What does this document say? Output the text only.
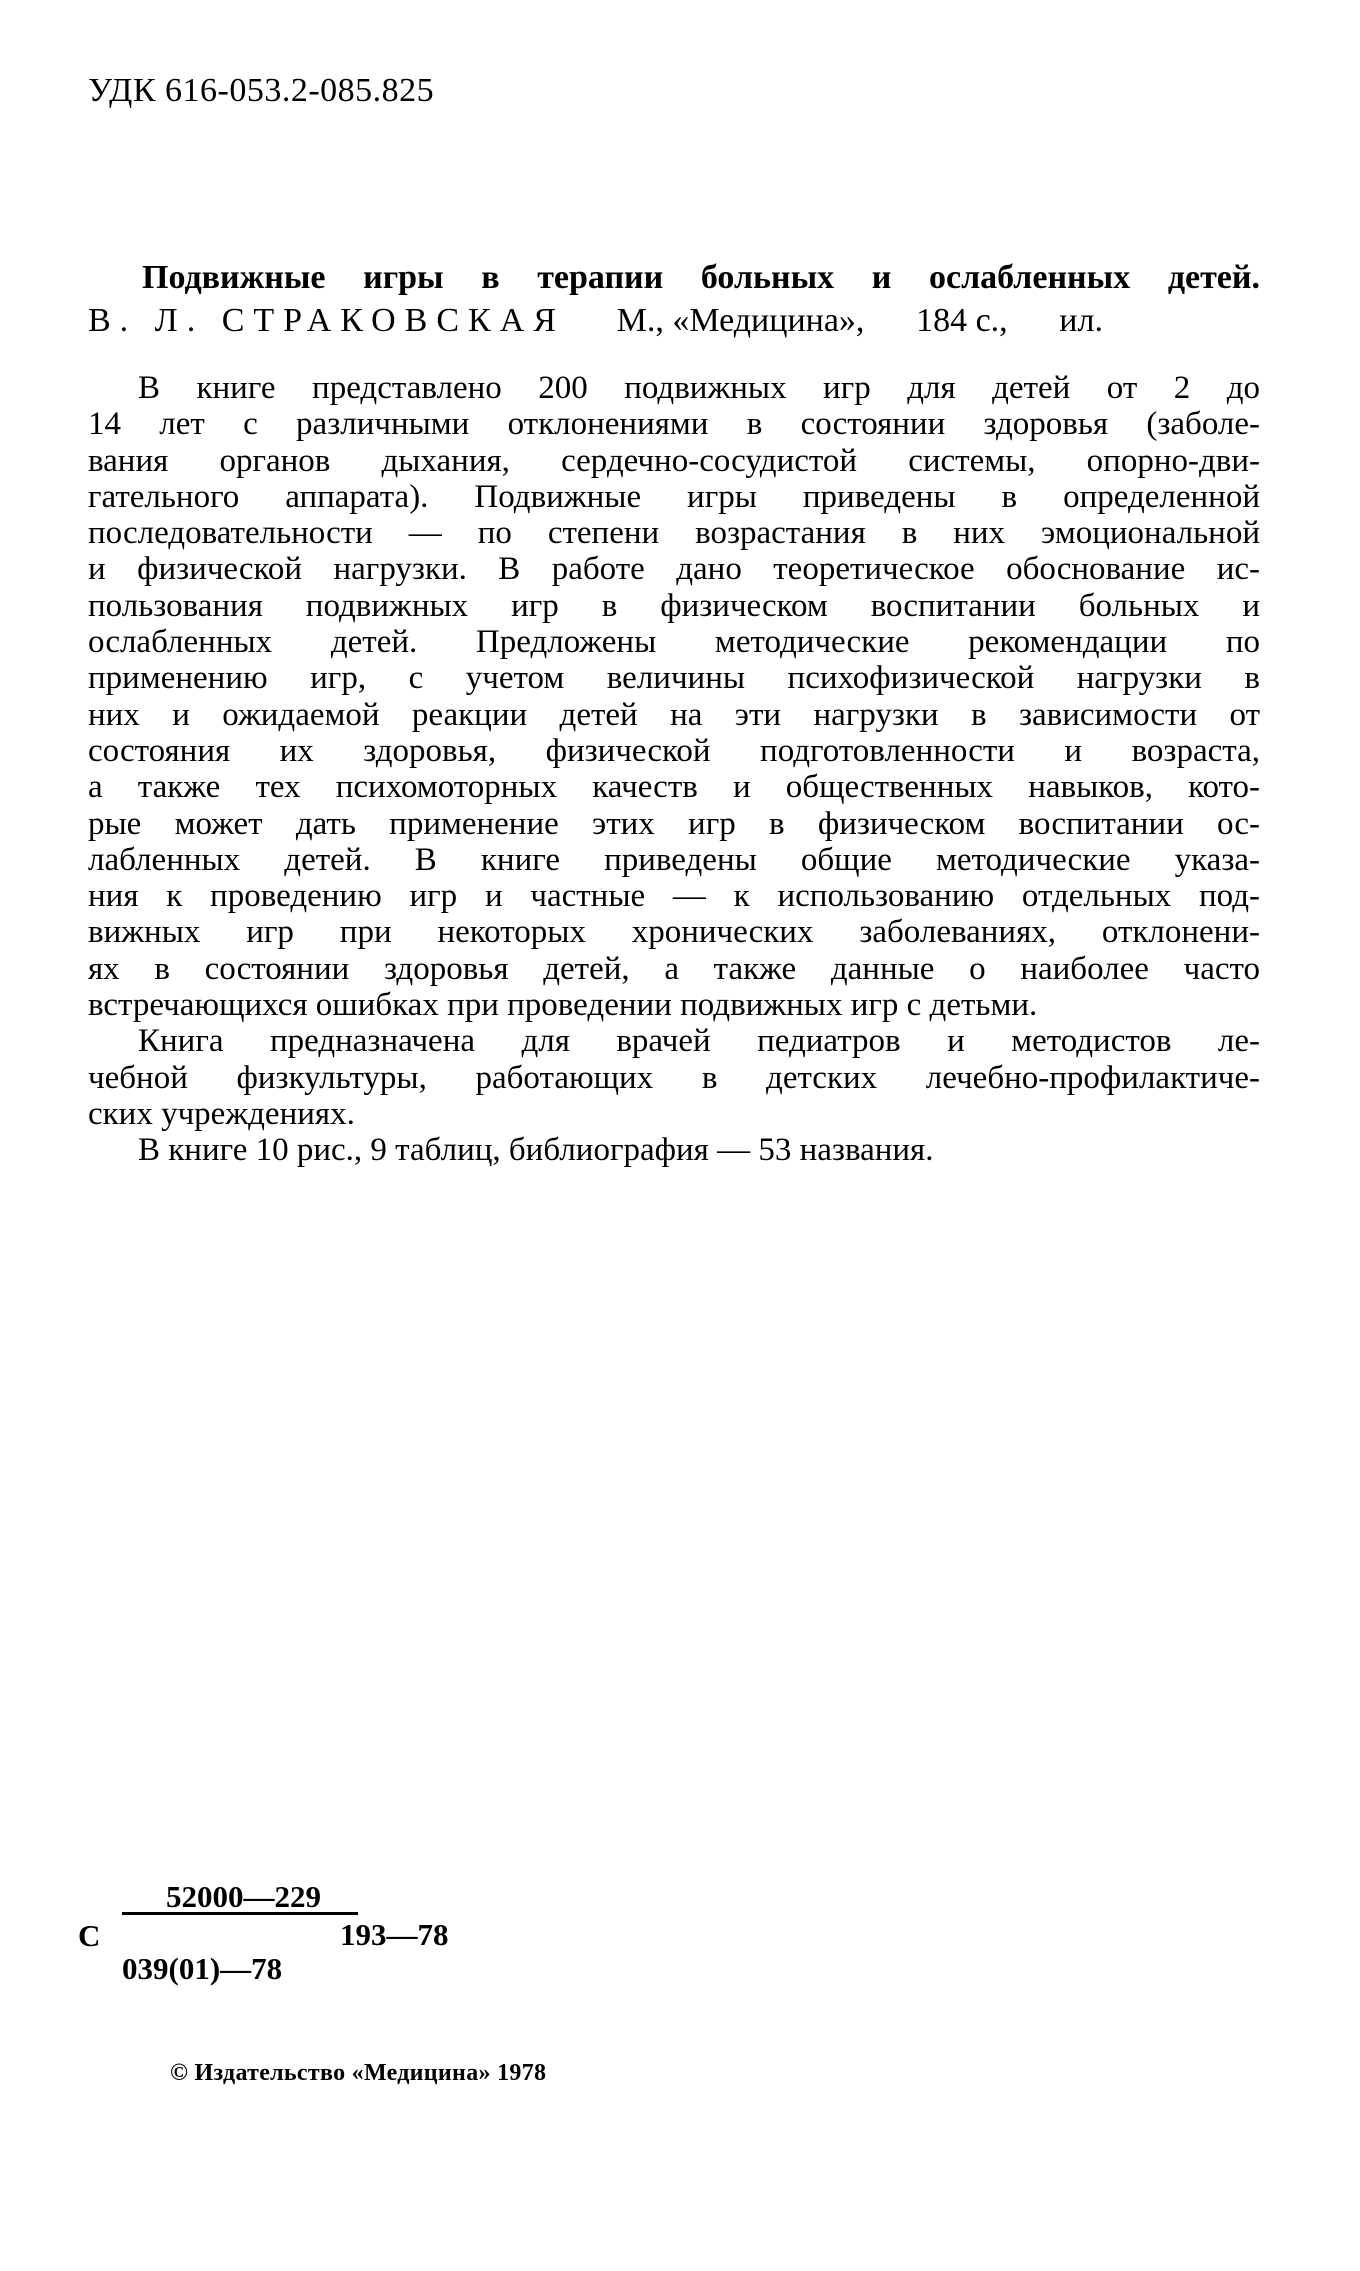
УДК 616-053.2-085.825
Подвижные игры в терапии больных и ослабленных детей.
В. Л. СТРАКОВСКАЯ М., «Медицина», 184 с., ил.
В книге представлено 200 подвижных игр для детей от 2 до
14 лет с различными отклонениями в состоянии здоровья (заболе-
вания органов дыхания, сердечно-сосудистой системы, опорно-дви-
гательного аппарата). Подвижные игры приведены в определенной
последовательности — по степени возрастания в них эмоциональной
и физической нагрузки. В работе дано теоретическое обоснование ис-
пользования подвижных игр в физическом воспитании больных и
ослабленных детей. Предложены методические рекомендации по
применению игр, с учетом величины психофизической нагрузки в
них и ожидаемой реакции детей на эти нагрузки в зависимости от
состояния их здоровья, физической подготовленности и возраста,
а также тех психомоторных качеств и общественных навыков, кото-
рые может дать применение этих игр в физическом воспитании ос-
лабленных детей. В книге приведены общие методические указа-
ния к проведению игр и частные — к использованию отдельных под-
вижных игр при некоторых хронических заболеваниях, отклонени-
ях в состоянии здоровья детей, а также данные о наиболее часто
встречающихся ошибках при проведении подвижных игр с детьми.
Книга предназначена для врачей педиатров и методистов ле-
чебной физкультуры, работающих в детских лечебно-профилактиче-
ских учреждениях.
В книге 10 рис., 9 таблиц, библиография — 53 названия.
С
52000—229
039(01)—78
193—78
© Издательство «Медицина» 1978
